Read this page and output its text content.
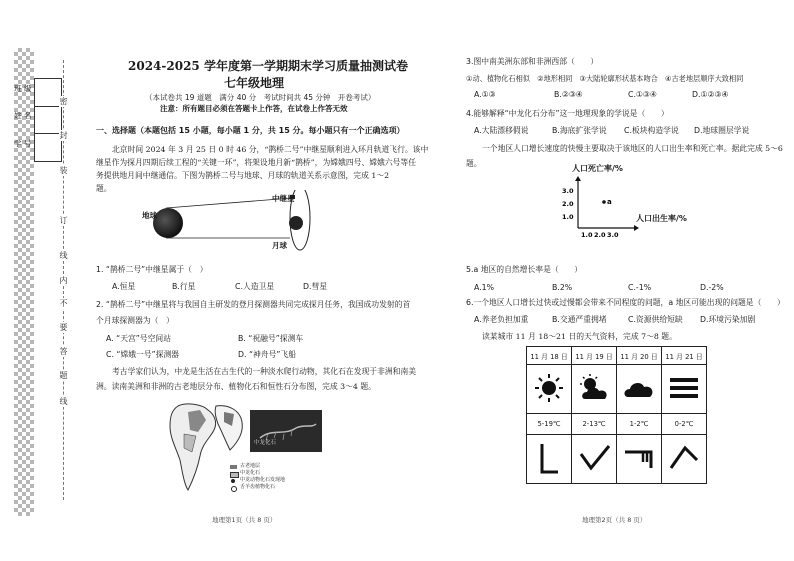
班 级
姓 名
学 号
密
封
装
订
线
内
不
要
答
题
线
2024-2025 学年度第一学期期末学习质量抽测试卷
七年级地理
（本试卷共 19 道题　满分 40 分　考试时间共 45 分钟　开卷考试）
注意：所有题目必须在答题卡上作答，在试卷上作答无效
一、选择题（本题包括 15 小题，每小题 1 分，共 15 分。每小题只有一个正确选项）
北京时间 2024 年 3 月 25 日 0 时 46 分，“鹊桥二号”中继星顺利进入环月轨道飞行。该中
继星作为探月四期后续工程的“关键一环”，将架设地月新“鹊桥”，为嫦娥四号、嫦娥六号等任
务提供地月间中继通信。下图为鹊桥二号与地球、月球的轨道关系示意图，完成 1～2
题。
地球
中继星
月球
1. “鹊桥二号”中继星属于（　）
A.恒星	B.行星	C.人造卫星	D.彗星
2. “鹊桥二号”中继星将与我国自主研发的登月探测器共同完成探月任务，我国成功发射的首
个月球探测器为（　）
A. “天宫”号空间站	B. “祝融号”探测车
C. “嫦娥一号”探测器	D. “神舟号”飞船
考古学家们认为，中龙是生活在古生代的一种淡水爬行动物，其化石在发现于非洲和南美
洲。读南美洲和非洲的古老地层分布、植物化石和恒性石分布图，完成 3～4 题。
中龙化石
古老地层
中龙化石
中龙动物化石发现地
舌羊齿植物化石
地理第1页（共 8 页）
3.图中南美洲东部和非洲西部（　　）
①动、植物化石相似　②地形相同　③大陆轮廓形状基本吻合　④古老地层顺序大致相同
A.①③	B.②③④	C.①③④	D.①②③④
4.能够解释“中龙化石分布”这一地理现象的学说是（　　）
A.大陆漂移假说	B.海底扩张学说 C.板块构造学说 D.地球圈层学说
一个地区人口增长速度的快慢主要取决于该地区的人口出生率和死亡率。据此完成 5～6
题。
人口死亡率/%
人口出生率/%
1.0
2.0
3.0
1.0 2.0 3.0
a
5.a 地区的自然增长率是（　　）
A.1%	B.2%	C.-1%	D.-2%
6.一个地区人口增长过快或过慢都会带来不同程度的问题，a 地区可能出现的问题是（　　）
A.养老负担加重	B.交通严重拥堵	C.资源供给短缺 D.环境污染加剧
读某城市 11 月 18～21 日的天气资料，完成 7～8 题。
11 月 18 日	11 月 19 日	11 月 20 日	11 月 21 日

5-19℃	2-13℃	1-2℃	0-2℃

地理第2页（共 8 页）
